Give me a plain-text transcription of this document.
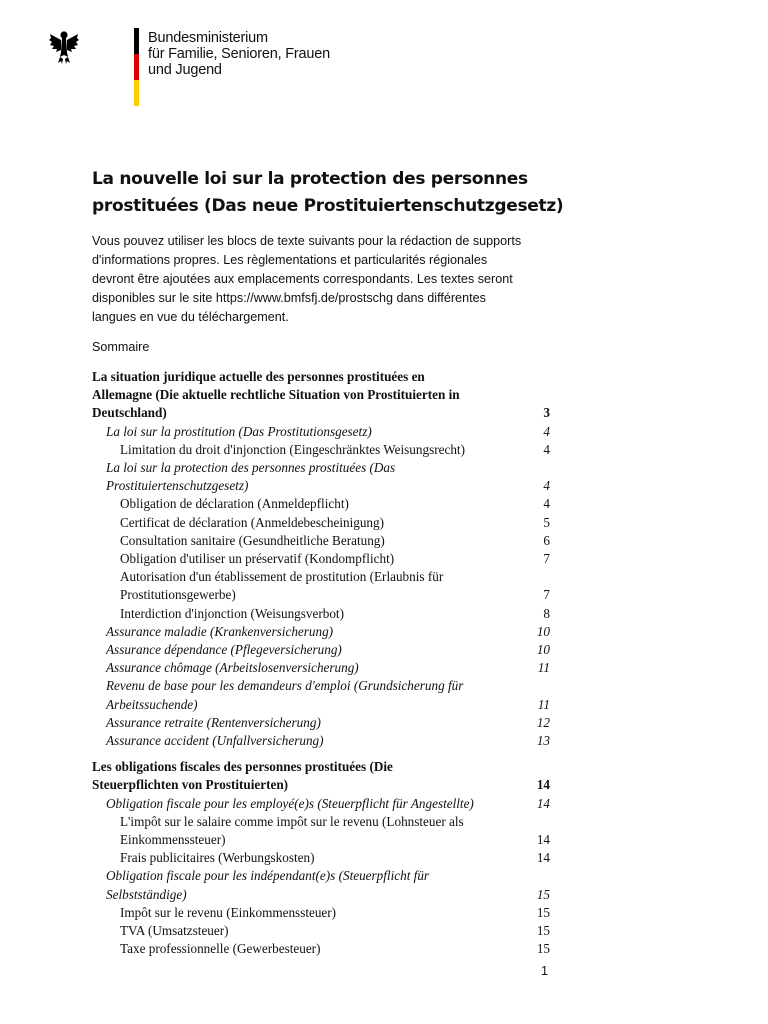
Bundesministerium
für Familie, Senioren, Frauen
und Jugend
La nouvelle loi sur la protection des personnes
prostituées (Das neue Prostituiertenschutzgesetz)
Vous pouvez utiliser les blocs de texte suivants pour la rédaction de supports
d'informations propres. Les règlementations et particularités régionales
devront être ajoutées aux emplacements correspondants. Les textes seront
disponibles sur le site https://www.bmfsfj.de/prostschg dans différentes
langues en vue du téléchargement.
Sommaire
La situation juridique actuelle des personnes prostituées en
Allemagne (Die aktuelle rechtliche Situation von Prostituierten in
Deutschland)	3
La loi sur la prostitution (Das Prostitutionsgesetz)	4
Limitation du droit d'injonction (Eingeschränktes Weisungsrecht)	4
La loi sur la protection des personnes prostituées (Das
Prostituiertenschutzgesetz)	4
Obligation de déclaration (Anmeldepflicht)	4
Certificat de déclaration (Anmeldebescheinigung)	5
Consultation sanitaire (Gesundheitliche Beratung)	6
Obligation d'utiliser un préservatif (Kondompflicht)	7
Autorisation d'un établissement de prostitution (Erlaubnis für
Prostitutionsgewerbe)	7
Interdiction d'injonction (Weisungsverbot)	8
Assurance maladie (Krankenversicherung)	10
Assurance dépendance (Pflegeversicherung)	10
Assurance chômage (Arbeitslosenversicherung)	11
Revenu de base pour les demandeurs d'emploi (Grundsicherung für
Arbeitssuchende)	11
Assurance retraite (Rentenversicherung)	12
Assurance accident (Unfallversicherung)	13
Les obligations fiscales des personnes prostituées (Die
Steuerpflichten von Prostituierten)	14
Obligation fiscale pour les employé(e)s (Steuerpflicht für Angestellte)	14
L'impôt sur le salaire comme impôt sur le revenu (Lohnsteuer als
Einkommenssteuer)	14
Frais publicitaires (Werbungskosten)	14
Obligation fiscale pour les indépendant(e)s (Steuerpflicht für
Selbstständige)	15
Impôt sur le revenu (Einkommenssteuer)	15
TVA (Umsatzsteuer)	15
Taxe professionnelle (Gewerbesteuer)	15
1
